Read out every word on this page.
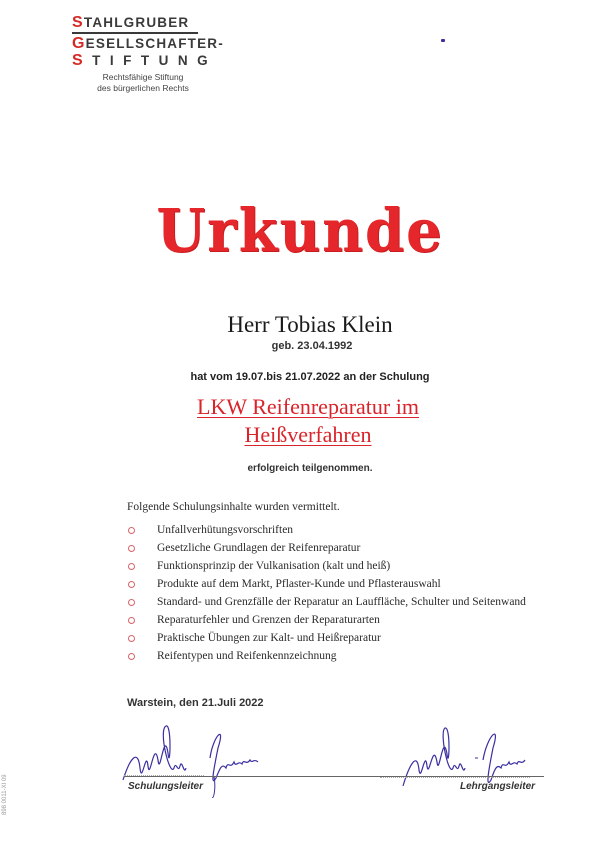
STAHLGRUBER
GESELLSCHAFTER-
STIFTUNG
Rechtsfähige Stiftung
des bürgerlichen Rechts
Urkunde
Herr Tobias Klein
geb. 23.04.1992
hat vom 19.07.bis 21.07.2022 an der Schulung
LKW Reifenreparatur im
Heißverfahren
erfolgreich teilgenommen.
Folgende Schulungsinhalte wurden vermittelt.
Unfallverhütungsvorschriften
Gesetzliche Grundlagen der Reifenreparatur
Funktionsprinzip der Vulkanisation (kalt und heiß)
Produkte auf dem Markt, Pflaster-Kunde und Pflasterauswahl
Standard- und Grenzfälle der Reparatur an Lauffläche, Schulter und Seitenwand
Reparaturfehler und Grenzen der Reparaturarten
Praktische Übungen zur Kalt- und Heißreparatur
Reifentypen und Reifenkennzeichnung
Warstein, den 21.Juli 2022
Schulungsleiter	Lehrgangsleiter
898 0011-XI 09
